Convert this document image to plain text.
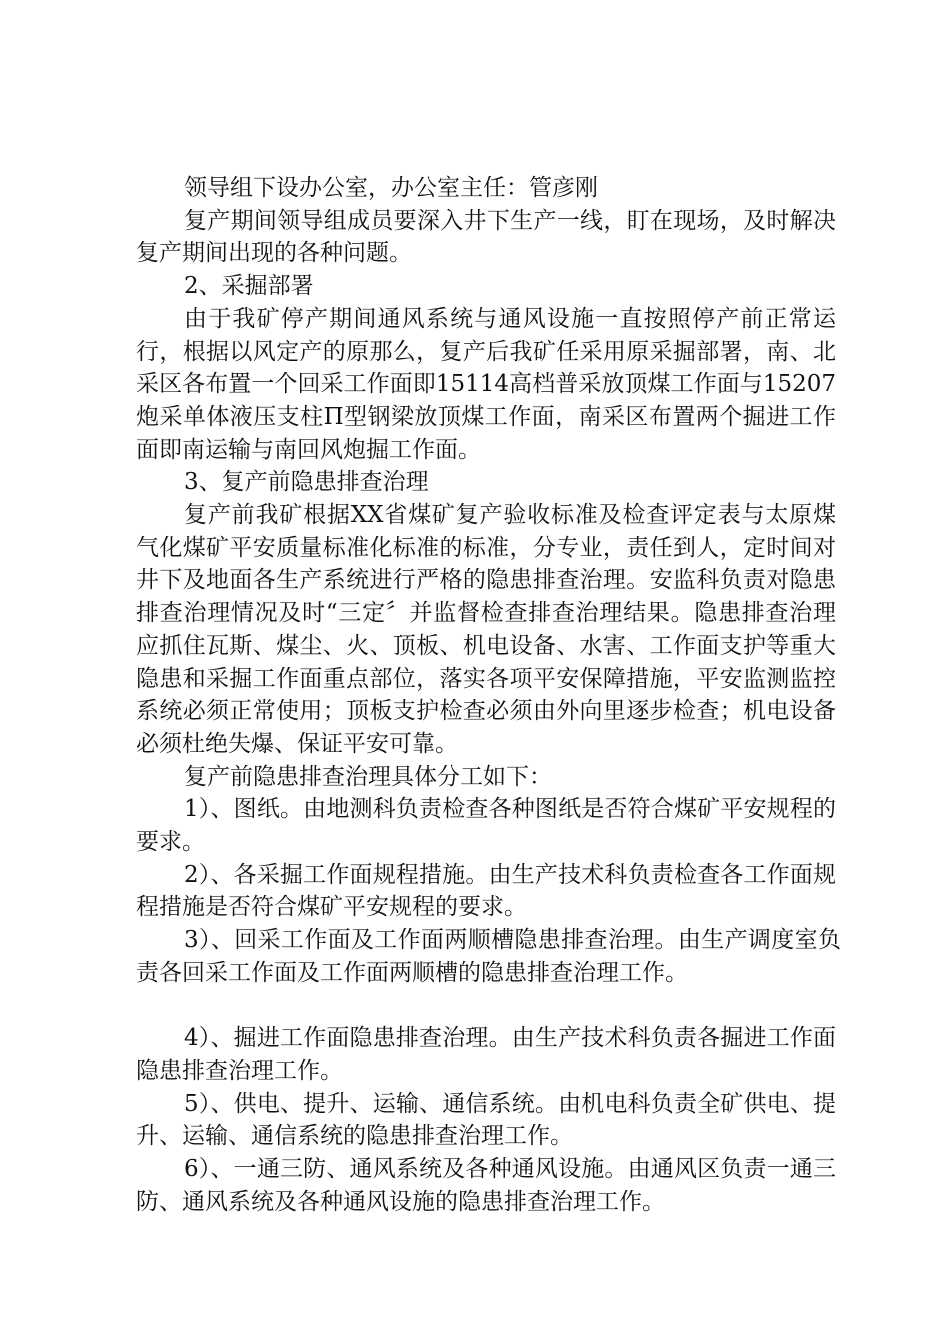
领导组下设办公室，办公室主任：管彦刚

复产期间领导组成员要深入井下生产一线，盯在现场，及时解决复产期间出现的各种问题。

2、采掘部署

由于我矿停产期间通风系统与通风设施一直按照停产前正常运行，根据以风定产的原那么，复产后我矿任采用原采掘部署，南、北采区各布置一个回采工作面即15114高档普采放顶煤工作面与15207炮采单体液压支柱Π型钢梁放顶煤工作面，南采区布置两个掘进工作面即南运输与南回风炮掘工作面。

3、复产前隐患排查治理

复产前我矿根据XX省煤矿复产验收标准及检查评定表与太原煤气化煤矿平安质量标准化标准的标准，分专业，责任到人，定时间对井下及地面各生产系统进行严格的隐患排查治理。安监科负责对隐患排查治理情况及时“三定〞并监督检查排查治理结果。隐患排查治理应抓住瓦斯、煤尘、火、顶板、机电设备、水害、工作面支护等重大隐患和采掘工作面重点部位，落实各项平安保障措施，平安监测监控系统必须正常使用；顶板支护检查必须由外向里逐步检查；机电设备必须杜绝失爆、保证平安可靠。

复产前隐患排查治理具体分工如下：

1）、图纸。由地测科负责检查各种图纸是否符合煤矿平安规程的要求。

2）、各采掘工作面规程措施。由生产技术科负责检查各工作面规程措施是否符合煤矿平安规程的要求。

3）、回采工作面及工作面两顺槽隐患排查治理。由生产调度室负责各回采工作面及工作面两顺槽的隐患排查治理工作。

4）、掘进工作面隐患排查治理。由生产技术科负责各掘进工作面隐患排查治理工作。

5）、供电、提升、运输、通信系统。由机电科负责全矿供电、提升、运输、通信系统的隐患排查治理工作。

6）、一通三防、通风系统及各种通风设施。由通风区负责一通三防、通风系统及各种通风设施的隐患排查治理工作。
